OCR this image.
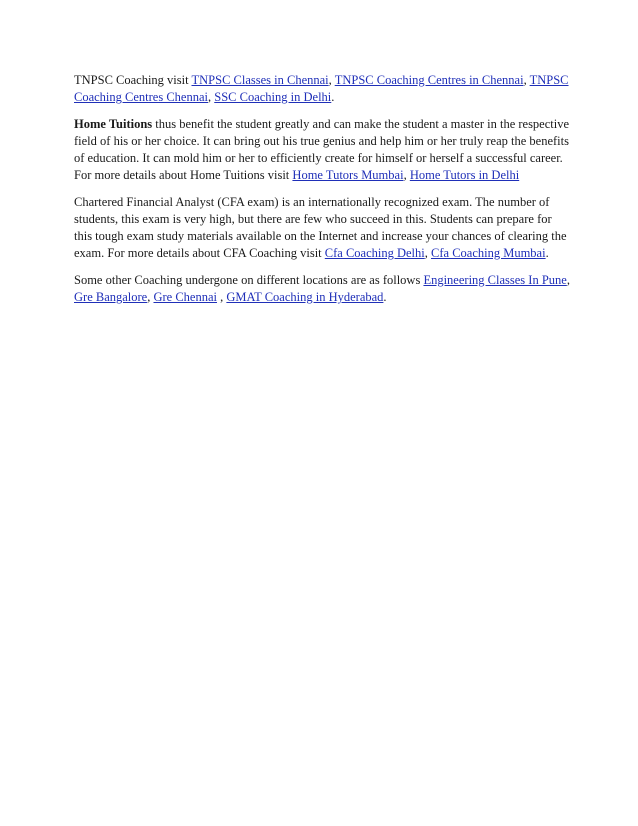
TNPSC Coaching visit TNPSC Classes in Chennai, TNPSC Coaching Centres in Chennai, TNPSC Coaching Centres Chennai, SSC Coaching in Delhi.

Home Tuitions thus benefit the student greatly and can make the student a master in the respective field of his or her choice. It can bring out his true genius and help him or her truly reap the benefits of education. It can mold him or her to efficiently create for himself or herself a successful career. For more details about Home Tuitions visit Home Tutors Mumbai, Home Tutors in Delhi

Chartered Financial Analyst (CFA exam) is an internationally recognized exam. The number of students, this exam is very high, but there are few who succeed in this. Students can prepare for this tough exam study materials available on the Internet and increase your chances of clearing the exam. For more details about CFA Coaching visit Cfa Coaching Delhi, Cfa Coaching Mumbai.

Some other Coaching undergone on different locations are as follows Engineering Classes In Pune, Gre Bangalore, Gre Chennai , GMAT Coaching in Hyderabad.
